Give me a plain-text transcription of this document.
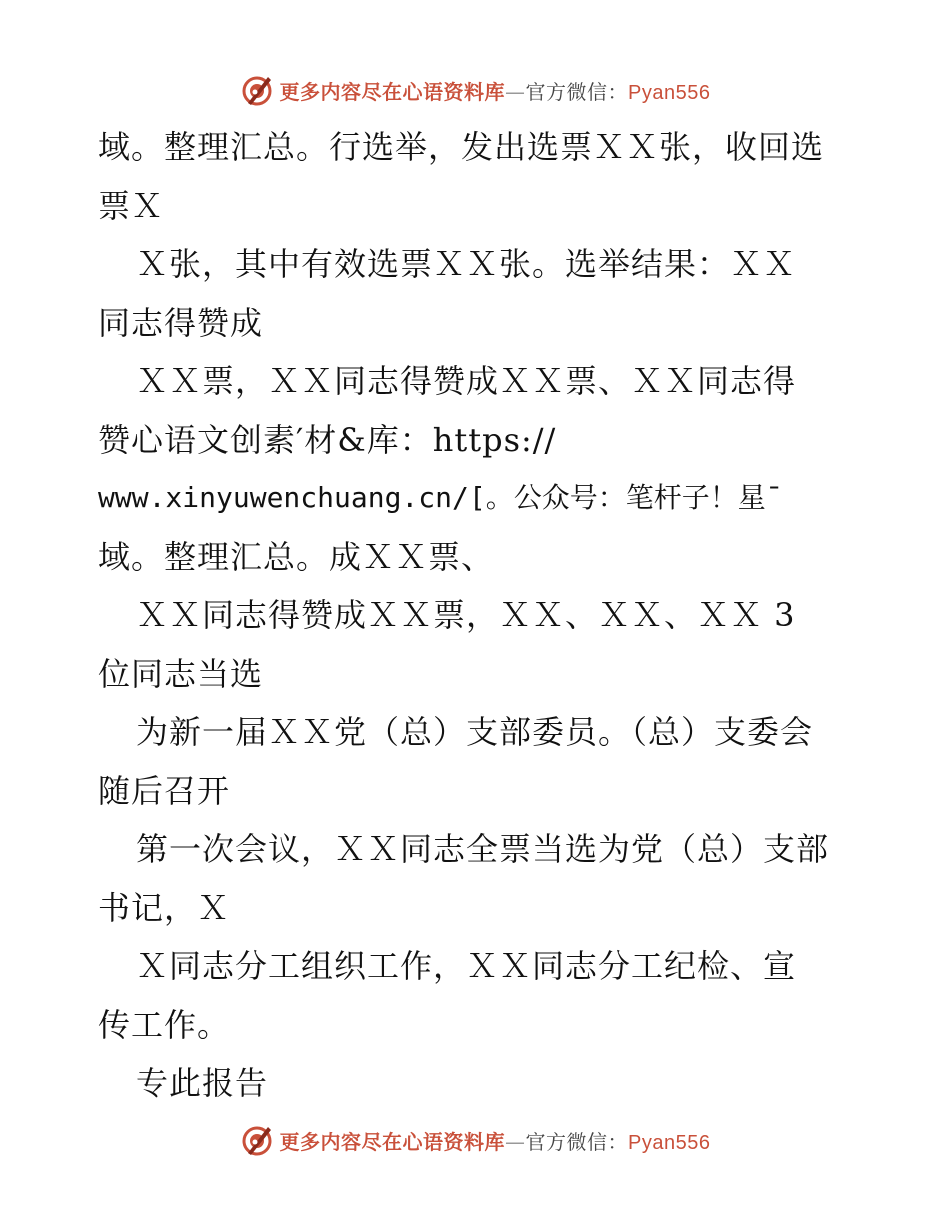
更多内容尽在心语资料库—官方微信：Pyan556
域。整理汇总。行选举，发出选票ＸＸ张，收回选
票Ｘ
Ｘ张，其中有效选票ＸＸ张。选举结果：ＸＸ
同志得赞成
ＸＸ票，ＸＸ同志得赞成ＸＸ票、ＸＸ同志得
赞心语文创素′材&库：https://
www.xinyuwenchuang.cn/[。公众号：笔杆子！星¯
域。整理汇总。成ＸＸ票、
ＸＸ同志得赞成ＸＸ票，ＸＸ、ＸＸ、ＸＸ 3
位同志当选
为新一届ＸＸ党（总）支部委员。（总）支委会
随后召开
第一次会议，ＸＸ同志全票当选为党（总）支部
书记，Ｘ
Ｘ同志分工组织工作，ＸＸ同志分工纪检、宣
传工作。
专此报告
更多内容尽在心语资料库—官方微信：Pyan556
